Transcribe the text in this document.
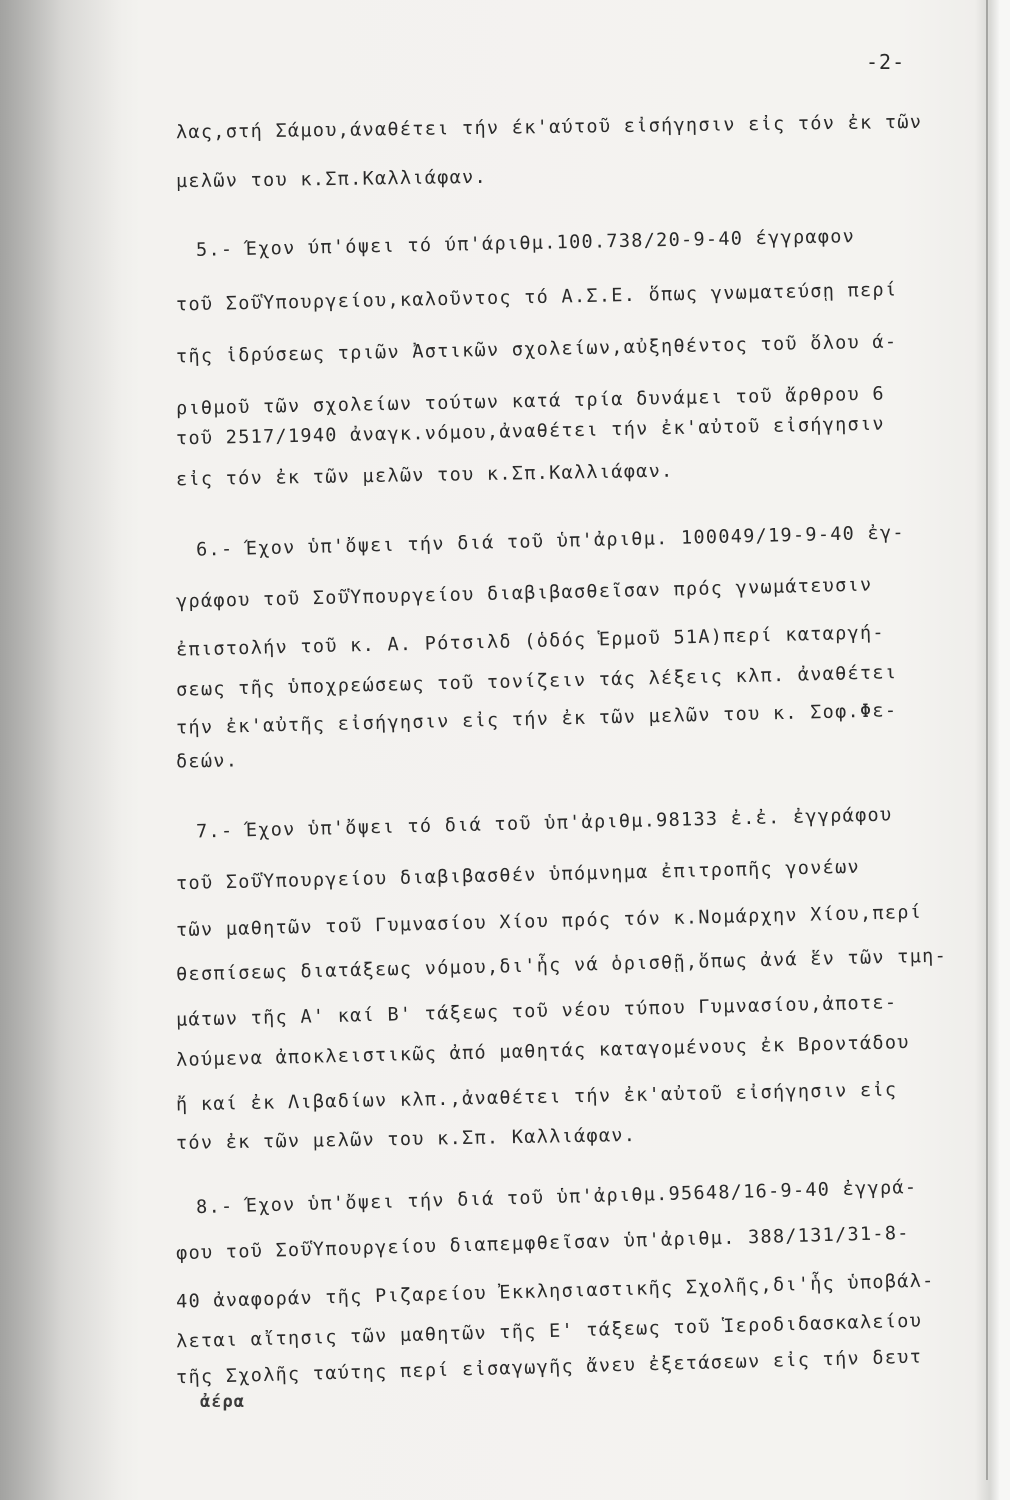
-2-
λας,στή Σάμου,άναθέτει τήν έκ'αύτοῦ εἰσήγησιν εἰς τόν ἐκ τῶν
μελῶν του κ.Σπ.Καλλιάφαν.
5.- Έχον ύπ'όψει τό ύπ'άριθμ.100.738/20-9-40 έγγραφον
τοῦ ΣοῦὙπουργείου,καλοῦντος τό Α.Σ.Ε. ὅπως γνωματεύσῃ περί
τῆς ἱδρύσεως τριῶν Ἀστικῶν σχολείων,αὐξηθέντος τοῦ ὅλου ά-
ριθμοῦ τῶν σχολείων τούτων κατά τρία δυνάμει τοῦ ἄρθρου 6
τοῦ 2517/1940 ἀναγκ.νόμου,ἀναθέτει τήν ἐκ'αὐτοῦ εἰσήγησιν
εἰς τόν ἐκ τῶν μελῶν του κ.Σπ.Καλλιάφαν.
6.- Έχον ὑπ'ὄψει τήν διά τοῦ ὑπ'ἀριθμ. 100049/19-9-40 ἐγ-
γράφου τοῦ ΣοῦὙπουργείου διαβιβασθεῖσαν πρός γνωμάτευσιν
ἐπιστολήν τοῦ κ. Α. Ρότσιλδ (ὁδός Ἑρμοῦ 51Α)περί καταργή-
σεως τῆς ὑποχρεώσεως τοῦ τονίζειν τάς λέξεις κλπ. ἀναθέτει
τήν ἐκ'αὐτῆς εἰσήγησιν εἰς τήν ἐκ τῶν μελῶν του κ. Σοφ.Φε-
δεών.
7.- Έχον ὑπ'ὄψει τό διά τοῦ ὑπ'ἀριθμ.98133 ἐ.ἐ. ἐγγράφου
τοῦ ΣοῦὙπουργείου διαβιβασθέν ὑπόμνημα ἐπιτροπῆς γονέων
τῶν μαθητῶν τοῦ Γυμνασίου Χίου πρός τόν κ.Νομάρχην Χίου,περί
θεσπίσεως διατάξεως νόμου,δι'ἧς νά ὁρισθῇ,ὅπως ἀνά ἕν τῶν τμη-
μάτων τῆς Α' καί Β' τάξεως τοῦ νέου τύπου Γυμνασίου,ἀποτε-
λούμενα ἀποκλειστικῶς ἀπό μαθητάς καταγομένους ἐκ Βροντάδου
ἤ καί ἐκ Λιβαδίων κλπ.,ἀναθέτει τήν ἐκ'αὐτοῦ εἰσήγησιν εἰς
τόν ἐκ τῶν μελῶν του κ.Σπ. Καλλιάφαν.
8.- Έχον ὑπ'ὄψει τήν διά τοῦ ὑπ'ἀριθμ.95648/16-9-40 ἐγγρά-
φου τοῦ ΣοῦὙπουργείου διαπεμφθεῖσαν ὑπ'ἀριθμ. 388/131/31-8-
40 ἀναφοράν τῆς Ριζαρείου Ἐκκλησιαστικῆς Σχολῆς,δι'ἧς ὑποβάλ-
λεται αἴτησις τῶν μαθητῶν τῆς Ε' τάξεως τοῦ Ἱεροδιδασκαλείου
τῆς Σχολῆς ταύτης περί εἰσαγωγῆς ἄνευ ἐξετάσεων εἰς τήν δευτ
ἀέρα
